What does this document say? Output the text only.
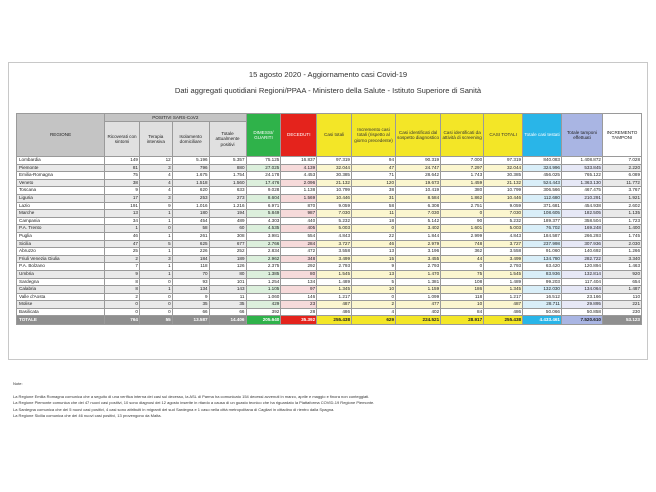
15 agosto 2020 - Aggiornamento casi Covid-19
Dati aggregati quotidiani Regioni/PPAA - Ministero della Salute - Istituto Superiore di Sanità
REGIONE	POSITIVI SARS-CoV2				DIMESSI/ GUARITI	DECEDUTI	Casi totali	Incremento casi totali (rispetto al giorno precedente)	Casi identificati dal sospetto diagnostico	Casi identificati da attività di screening	CASI TOTALI	Totale casi testati	Totale tamponi effettuati	INCREMENTO TAMPONI
	Ricoverati con sintomi	Terapia intensiva	Isolamento domiciliare	Totale attualmente positivi										
Lombardia	149	12	5.196	5.357	75.125	16.837	97.319	94	90.319	7.000	97.319	840.083	1.408.872	7.028
Piemonte	81	3	796	880	27.025	4.139	32.044	47	24.747	7.297	32.044	324.996	533.845	2.220
Emilia-Romagna	75	4	1.675	1.754	24.178	4.453	30.385	71	28.642	1.743	30.385	456.025	765.122	6.089
Veneto	38	4	1.518	1.560	17.476	2.096	21.132	120	19.673	1.459	21.132	524.443	1.363.130	11.772
Toscana	9	4	620	633	9.028	1.138	10.799	38	10.419	380	10.799	306.566	467.475	3.767
Liguria	17	3	253	273	8.604	1.569	10.446	31	8.584	1.862	10.446	112.680	210.291	1.921
Lazio	191	9	1.016	1.216	6.971	870	9.059	58	6.308	2.751	9.059	371.681	454.938	2.602
Marche	13	1	180	194	5.849	987	7.030	11	7.030	0	7.030	108.605	182.505	1.135
Campania	34	1	454	489	4.303	440	5.232	18	5.142	90	5.232	189.377	358.504	1.723
P.A. Trento	1	0	58	60	4.535	405	5.003	0	3.402	1.601	5.003	76.702	169.248	1.400
Puglia	46	1	261	308	3.981	554	4.843	22	1.844	2.999	4.843	184.587	266.293	1.745
Sicilia	47	5	625	677	2.766	284	3.727	46	2.979	748	3.727	237.998	307.936	2.030
Abruzzo	25	1	226	252	2.834	472	3.558	13	3.196	362	3.558	91.060	140.692	1.266
Friuli Venezia Giulia	2	3	184	189	2.962	348	3.499	15	3.455	44	3.499	134.780	282.722	3.340
P.A. Bolzano	7	1	118	126	2.375	292	2.793	9	2.793	0	2.793	63.420	120.894	1.463
Umbria	9	1	70	80	1.385	80	1.545	13	1.470	75	1.545	83.936	132.814	920
Sardegna	8	0	93	101	1.254	134	1.489	5	1.381	108	1.489	99.203	117.404	654
Calabria	8	1	134	143	1.105	97	1.345	10	1.159	186	1.345	132.030	134.064	1.487
Valle d'Aosta	2	0	9	11	1.060	146	1.217	0	1.099	118	1.217	16.512	23.166	110
Molise	0	0	35	35	429	23	487	2	477	10	487	28.711	29.895	221
Basilicata	0	0	66	66	392	28	486	4	402	84	486	50.066	50.858	230
TOTALE	764	55	13.587	14.406	205.640	35.392	255.438	629	224.521	28.917	255.438	4.433.461	7.520.610	53.123
Note:
La Regione Emilia Romagna comunica che a seguito di una verifica interna dei casi sul decesso, la ASL di Parma ha comunicato 154 decessi avvenuti in marzo, aprile e maggio e finora non conteggiati.
La Regione Piemonte comunica che dei 47 nuovi casi positivi, 10 sono diagnosi dei 12 agosto inserite in ritardo a causa di un guasto tecnico che ha riguardato la Piattaforma COVID-19 Regione Piemonte.
La Sardegna comunica che dei 5 nuovi casi positivi, 4 casi sono attribuiti in migranti del sud Sardegna e 1 caso nella città metropolitana di Cagliari in cittadino di rientro dalla Spagna.
La Regione Sicilia comunica che dei 46 nuovi casi positivi, 13 provengono da Malta.
